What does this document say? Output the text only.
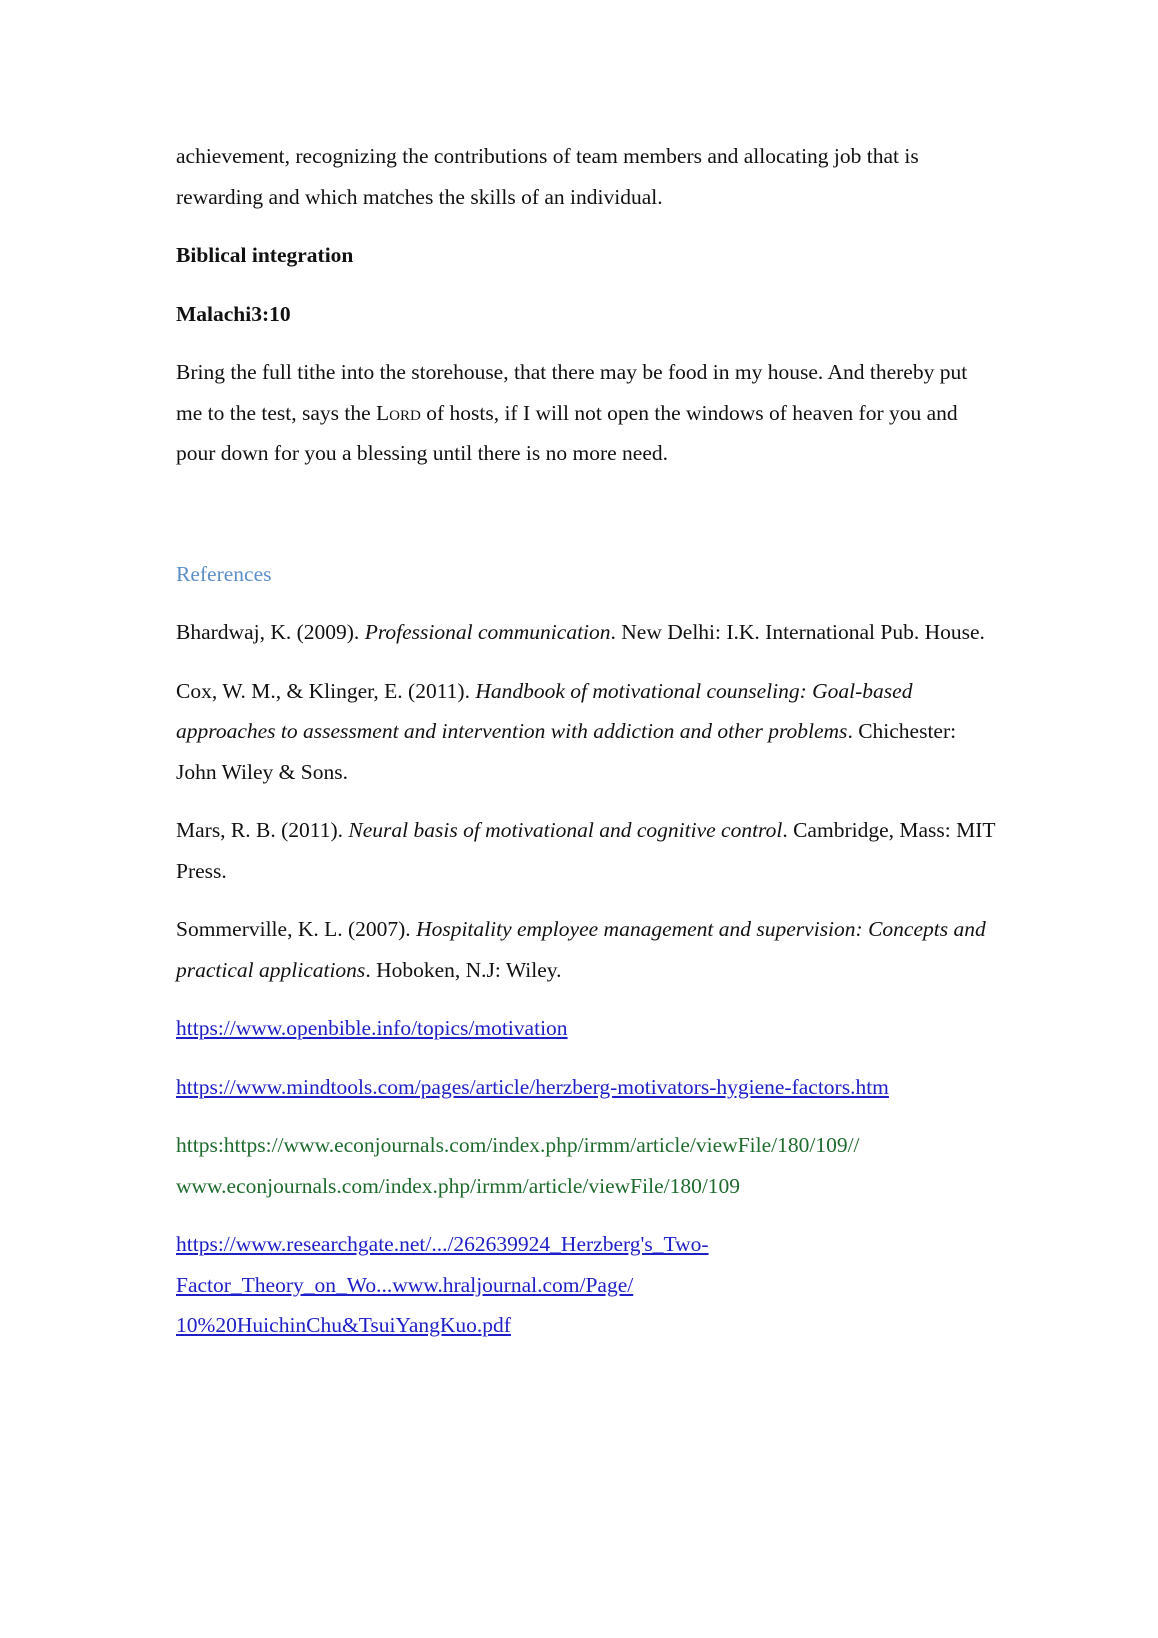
achievement, recognizing the contributions of team members and allocating job that is rewarding and which matches the skills of an individual.

Biblical integration

Malachi3:10

Bring the full tithe into the storehouse, that there may be food in my house. And thereby put me to the test, says the Lord of hosts, if I will not open the windows of heaven for you and pour down for you a blessing until there is no more need.

References

Bhardwaj, K. (2009). Professional communication. New Delhi: I.K. International Pub. House.

Cox, W. M., & Klinger, E. (2011). Handbook of motivational counseling: Goal-based approaches to assessment and intervention with addiction and other problems. Chichester: John Wiley & Sons.

Mars, R. B. (2011). Neural basis of motivational and cognitive control. Cambridge, Mass: MIT Press.

Sommerville, K. L. (2007). Hospitality employee management and supervision: Concepts and practical applications. Hoboken, N.J: Wiley.

https://www.openbible.info/topics/motivation

https://www.mindtools.com/pages/article/herzberg-motivators-hygiene-factors.htm

https:https://www.econjournals.com/index.php/irmm/article/viewFile/180/109//
www.econjournals.com/index.php/irmm/article/viewFile/180/109

https://www.researchgate.net/.../262639924_Herzberg's_Two-
Factor_Theory_on_Wo...www.hraljournal.com/Page/
10%20HuichinChu&TsuiYangKuo.pdf
